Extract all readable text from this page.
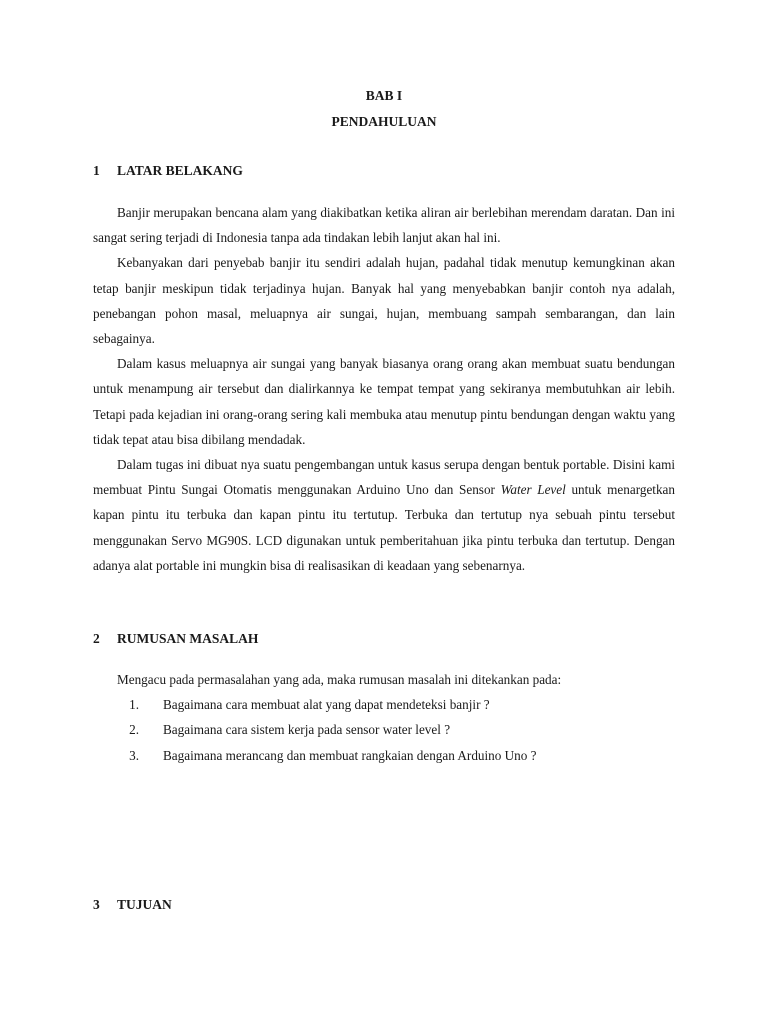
BAB I
PENDAHULUAN
1 LATAR BELAKANG

Banjir merupakan bencana alam yang diakibatkan ketika aliran air berlebihan merendam daratan. Dan ini sangat sering terjadi di Indonesia tanpa ada tindakan lebih lanjut akan hal ini.

Kebanyakan dari penyebab banjir itu sendiri adalah hujan, padahal tidak menutup kemungkinan akan tetap banjir meskipun tidak terjadinya hujan. Banyak hal yang menyebabkan banjir contoh nya adalah, penebangan pohon masal, meluapnya air sungai, hujan, membuang sampah sembarangan, dan lain sebagainya.

Dalam kasus meluapnya air sungai yang banyak biasanya orang orang akan membuat suatu bendungan untuk menampung air tersebut dan dialirkannya ke tempat tempat yang sekiranya membutuhkan air lebih. Tetapi pada kejadian ini orang-orang sering kali membuka atau menutup pintu bendungan dengan waktu yang tidak tepat atau bisa dibilang mendadak.

Dalam tugas ini dibuat nya suatu pengembangan untuk kasus serupa dengan bentuk portable. Disini kami membuat Pintu Sungai Otomatis menggunakan Arduino Uno dan Sensor Water Level untuk menargetkan kapan pintu itu terbuka dan kapan pintu itu tertutup. Terbuka dan tertutup nya sebuah pintu tersebut menggunakan Servo MG90S. LCD digunakan untuk pemberitahuan jika pintu terbuka dan tertutup. Dengan adanya alat portable ini mungkin bisa di realisasikan di keadaan yang sebenarnya.

2 RUMUSAN MASALAH

Mengacu pada permasalahan yang ada, maka rumusan masalah ini ditekankan pada:

1. Bagaimana cara membuat alat yang dapat mendeteksi banjir ?
2. Bagaimana cara sistem kerja pada sensor water level ?
3. Bagaimana merancang dan membuat rangkaian dengan Arduino Uno ?
3 TUJUAN
